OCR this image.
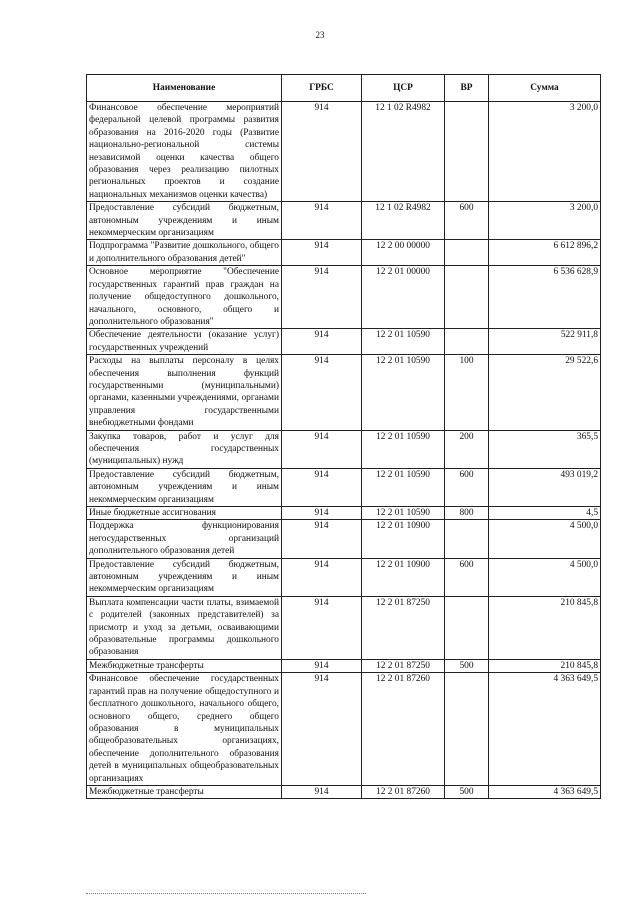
23
Наименование	ГРБС	ЦСР	ВР	Сумма
Финансовое обеспечение мероприятий федеральной целевой программы развития образования на 2016-2020 годы (Развитие национально-региональной системы независимой оценки качества общего образования через реализацию пилотных региональных проектов и создание национальных механизмов оценки качества)	914	12 1 02 R4982		3 200,0
Предоставление субсидий бюджетным, автономным учреждениям и иным некоммерческим организациям	914	12 1 02 R4982	600	3 200,0
Подпрограмма "Развитие дошкольного, общего и дополнительного образования детей"	914	12 2 00 00000		6 612 896,2
Основное мероприятие "Обеспечение государственных гарантий прав граждан на получение общедоступного дошкольного, начального, основного, общего и дополнительного образования"	914	12 2 01 00000		6 536 628,9
Обеспечение деятельности (оказание услуг) государственных учреждений	914	12 2 01 10590		522 911,8
Расходы на выплаты персоналу в целях обеспечения выполнения функций государственными (муниципальными) органами, казенными учреждениями, органами управления государственными внебюджетными фондами	914	12 2 01 10590	100	29 522,6
Закупка товаров, работ и услуг для обеспечения государственных (муниципальных) нужд	914	12 2 01 10590	200	365,5
Предоставление субсидий бюджетным, автономным учреждениям и иным некоммерческим организациям	914	12 2 01 10590	600	493 019,2
Иные бюджетные ассигнования	914	12 2 01 10590	800	4,5
Поддержка функционирования негосударственных организаций дополнительного образования детей	914	12 2 01 10900		4 500,0
Предоставление субсидий бюджетным, автономным учреждениям и иным некоммерческим организациям	914	12 2 01 10900	600	4 500,0
Выплата компенсации части платы, взимаемой с родителей (законных представителей) за присмотр и уход за детьми, осваивающими образовательные программы дошкольного образования	914	12 2 01 87250		210 845,8
Межбюджетные трансферты	914	12 2 01 87250	500	210 845,8
Финансовое обеспечение государственных гарантий прав на получение общедоступного и бесплатного дошкольного, начального общего, основного общего, среднего общего образования в муниципальных общеобразовательных организациях, обеспечение дополнительного образования детей в муниципальных общеобразовательных организациях	914	12 2 01 87260		4 363 649,5
Межбюджетные трансферты	914	12 2 01 87260	500	4 363 649,5
